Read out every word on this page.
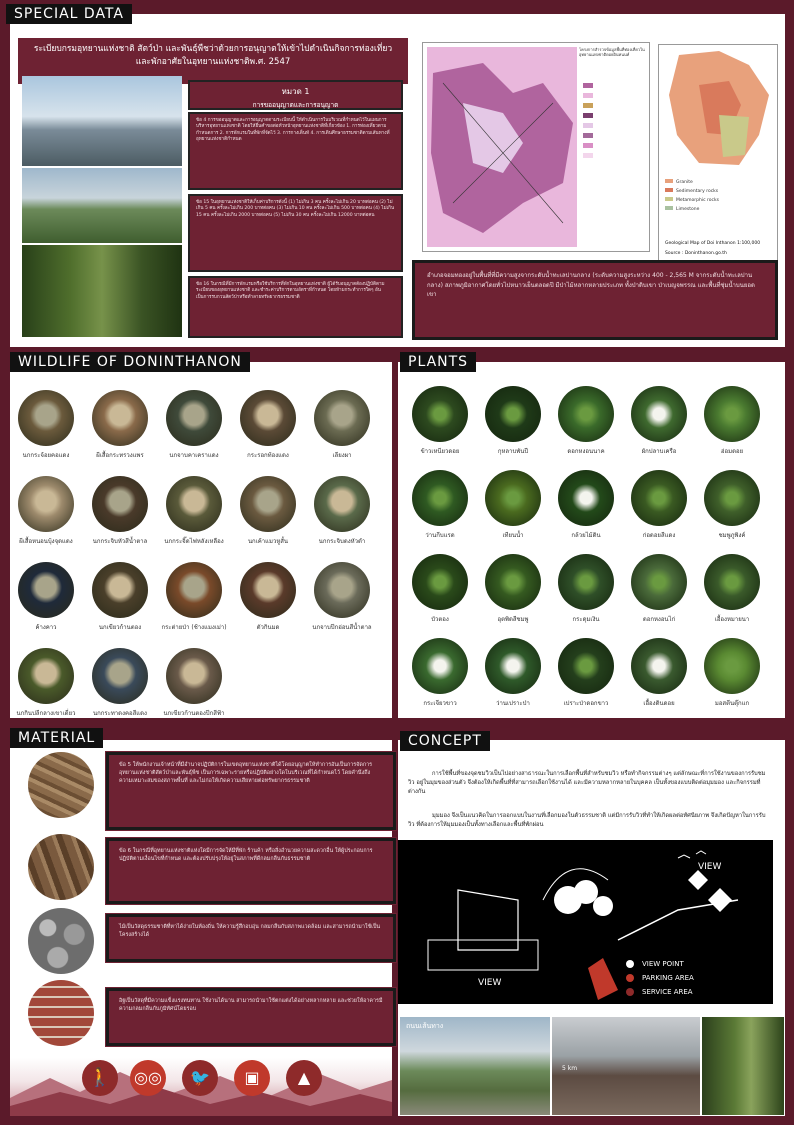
SPECIAL DATA
ระเบียบกรมอุทยานแห่งชาติ สัตว์ป่า และพันธุ์พืชว่าด้วยการอนุญาตให้เข้าไปดำเนินกิจการท่องเที่ยวและพักอาศัยในอุทยานแห่งชาติพ.ศ. 2547
หมวด 1
การขออนุญาตและการอนุญาต
ข้อ 4 การขออนุญาตและการอนุญาตตามระเบียบนี้ ให้ดำเนินการในบริเวณที่กำหนดไว้ในแผนการบริหารอุทยานแห่งชาติ โดยให้ยื่นคำขอต่อหัวหน้าอุทยานแห่งชาติที่เกี่ยวข้อง 1. การท่องเที่ยวตามกำหนดการ 2. การพักแรมในที่พักที่จัดไว้ 3. การกางเต็นท์ 4. การเดินศึกษาธรรมชาติตามเส้นทางที่อุทยานแห่งชาติกำหนด
ข้อ 15 ในอุทยานแห่งชาติให้เก็บค่าบริการดังนี้ (1) ไม่เกิน 3 คน ครั้งละไม่เกิน 20 บาทต่อคน (2) ไม่เกิน 5 คน ครั้งละไม่เกิน 200 บาทต่อคน (3) ไม่เกิน 10 คน ครั้งละไม่เกิน 500 บาทต่อคน (4) ไม่เกิน 15 คน ครั้งละไม่เกิน 2000 บาทต่อคน (5) ไม่เกิน 30 คน ครั้งละไม่เกิน 12000 บาทต่อคน
ข้อ 16 ในกรณีที่มีการพักแรมหรือใช้บริการที่พักในอุทยานแห่งชาติ ผู้ได้รับอนุญาตต้องปฏิบัติตามระเบียบของอุทยานแห่งชาติ และชำระค่าบริการตามอัตราที่กำหนด โดยห้ามกระทำการใดๆ อันเป็นการรบกวนสัตว์ป่าหรือทำลายทรัพยากรธรรมชาติ
โครงการสำรวจข้อมูลพื้นที่ท่องเที่ยวในอุทยานแห่งชาติดอยอินทนนท์
Granite
Sedimentary rocks
Metamorphic rocks
Limestone
Geological Map of Doi Inthanon 1:100,000
Source : Doninthanon.go.th
อำเภอจอมทองอยู่ในพื้นที่ที่มีความสูงจากระดับน้ำทะเลปานกลาง (ระดับความสูงระหว่าง 400 - 2,565 M จากระดับน้ำทะเลปานกลาง) สภาพภูมิอากาศโดยทั่วไปหนาวเย็นตลอดปี มีป่าไม้หลากหลายประเภท ทั้งป่าดิบเขา ป่าเบญจพรรณ และพื้นที่ชุ่มน้ำบนยอดเขา
WILDLIFE OF DONINTHANON
นกกระจ้อยคอแดง	ผีเสื้อกระทรวงแพร	นกจาบคาเคราแดง	กระรอกท้องแดง	เลียงผา
ผีเสื้อหนอนบุ้งจุดแดง	นกกระจิบหัวสีน้ำตาล	นกกระจิ๊ดไฟหลังเหลือง	นกเค้าแมวหูสั้น	นกกระจิบดงหัวดำ
ค้างคาว	นกเขียวก้านตอง	กระต่ายป่า (ช้างแมงเม่า)	ตัวกินมด	นกจาบปีกอ่อนสีน้ำตาล
นกกินปลีกลางเขาเดี่ยว	นกกระทาดงคอสีแดง	นกเขียวก้านตองปีกสีฟ้า
PLANTS
ข้าวเหนียวดอย	กุหลาบพันปี	ดอกหงอนนาค	ผักปลาบเครือ	ฮ่อมดอย
ว่านกีบแรด	เทียนน้ำ	กล้วยไม้ดิน	ก่อดอยสีแดง	ชมพูภูพิงค์
บัวตอง	อุตพิดสีชมพู	กระดุมเงิน	ดอกหงอนไก่	เอื้องหมายนา
กระเจียวขาว	ว่านเปราะป่า	เปราะป่าดอกขาว	เอื้องดินดอย	มอสตีนตุ๊กแก
MATERIAL
ข้อ 5 ให้พนักงานเจ้าหน้าที่มีอำนาจปฏิบัติการในเขตอุทยานแห่งชาติได้โดยอนุญาตให้ทำการอันเป็นการจัดการอุทยานแห่งชาติสัตว์ป่าและพันธุ์พืช เป็นการเฉพาะรายหรือปฏิบัติอย่างใดในบริเวณที่ได้กำหนดไว้ โดยคำนึงถึงความเหมาะสมของสภาพพื้นที่ และไม่ก่อให้เกิดความเสียหายต่อทรัพยากรธรรมชาติ
ข้อ 6 ในกรณีที่อุทยานแห่งชาติแห่งใดมีการจัดให้มีที่พัก ร้านค้า หรือสิ่งอำนวยความสะดวกอื่น ให้ผู้ประกอบการปฏิบัติตามเงื่อนไขที่กำหนด และต้องปรับปรุงให้อยู่ในสภาพที่ดีกลมกลืนกับธรรมชาติ
ไม้เป็นวัสดุธรรมชาติที่หาได้ง่ายในท้องถิ่น ให้ความรู้สึกอบอุ่น กลมกลืนกับสภาพแวดล้อม และสามารถนำมาใช้เป็นโครงสร้างได้
อิฐเป็นวัสดุที่มีความแข็งแรงทนทาน ใช้งานได้นาน สามารถนำมาใช้ตกแต่งได้อย่างหลากหลาย และช่วยให้อาคารมีความกลมกลืนกับภูมิทัศน์โดยรอบ
🚶	◎◎	🐦	▣	▲
CONCEPT
การใช้พื้นที่ของจุดชมวิวเป็นไปอย่างสาธารณะในการเลือกพื้นที่สำหรับชมวิว หรือทำกิจกรรมต่างๆ แต่ลักษณะที่การใช้งานของการรับชมวิว อยู่ในมุมของส่วนตัว จึงต้องให้เกิดพื้นที่ที่สามารถเลือกใช้งานได้ และมีความหลากหลายในบุคคล เป็นทั้งของแบบติดต่อมุมมอง และกิจกรรมที่ต่างกัน
มุมมอง จึงเป็นแนวคิดในการออกแบบในงานที่เลือกมองในตัวธรรมชาติ แต่มีการรับวิวที่ทำให้เกิดผลต่อทัศนียภาพ จึงเกิดปัญหาในการรับวิว ที่ต้องการให้มุมมองเป็นทั้งทางเลือกและพื้นที่พักผ่อน
VIEW
VIEW
VIEW POINT
PARKING AREA
SERVICE AREA
ถนนเส้นทาง
5 km
